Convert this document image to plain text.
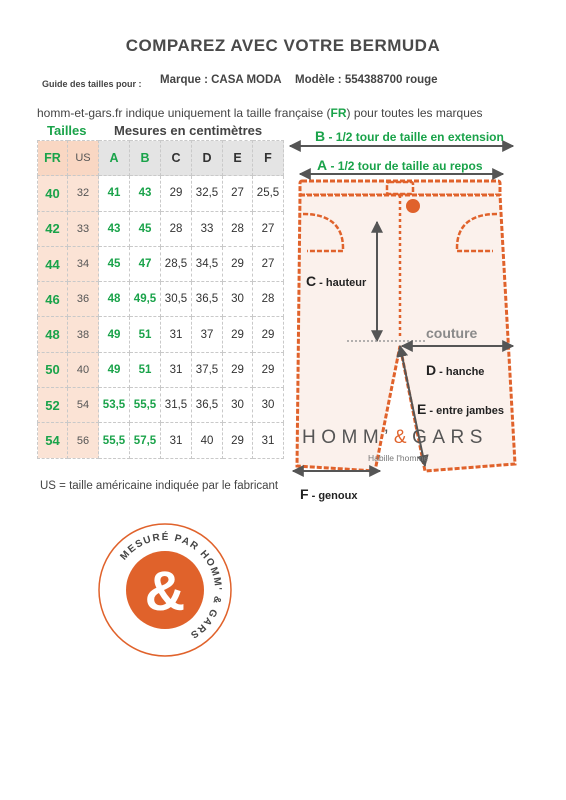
COMPAREZ AVEC VOTRE BERMUDA
Guide des tailles pour : Marque : CASA MODA Modèle : 554388700 rouge
homm-et-gars.fr indique uniquement la taille française (FR) pour toutes les marques
Tailles Mesures en centimètres
FR	US	A	B	C	D	E	F
40	32	41	43	29	32,5	27	25,5
42	33	43	45	28	33	28	27
44	34	45	47	28,5	34,5	29	27
46	36	48	49,5	30,5	36,5	30	28
48	38	49	51	31	37	29	29
50	40	49	51	31	37,5	29	29
52	54	53,5	55,5	31,5	36,5	30	30
54	56	55,5	57,5	31	40	29	31
US = taille américaine indiquée par le fabricant
B - 1/2 tour de taille en extension
A - 1/2 tour de taille au repos
C - hauteur
couture
D - hanche
E - entre jambes
F - genoux
HOMM’&GARS
Habille l'homme
MESURÉ PAR HOMM' & GARS
&
